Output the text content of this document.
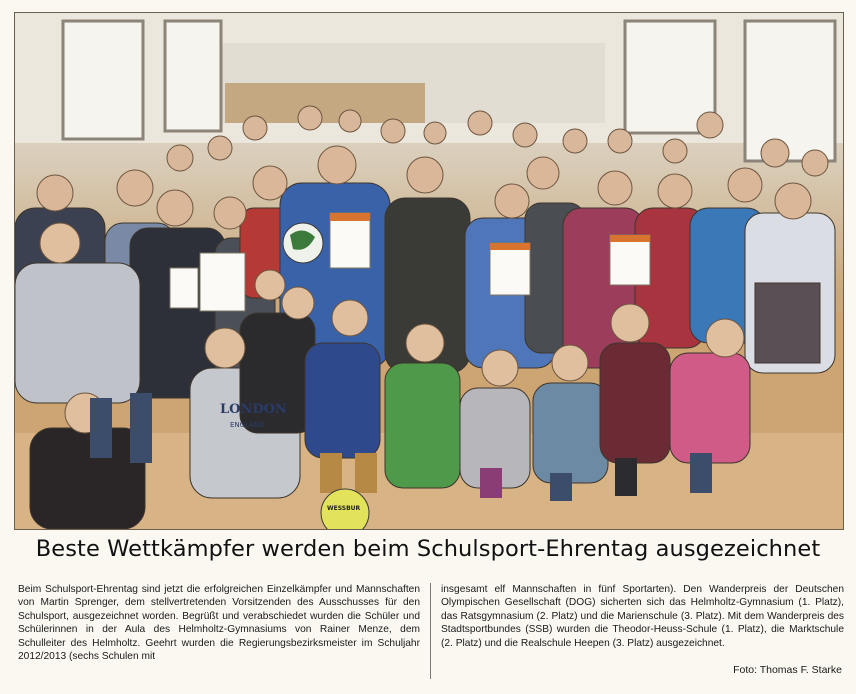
LONDON
ENGLAND
WESSBUR
Beste Wettkämpfer werden beim Schulsport-Ehrentag ausgezeichnet
Beim Schulsport-Ehrentag sind jetzt die erfolgreichen Einzelkämpfer und Mannschaften von Martin Sprenger, dem stellvertretenden Vorsitzenden des Ausschusses für den Schulsport, ausgezeichnet worden. Begrüßt und verabschiedet wurden die Schüler und Schülerinnen in der Aula des Helmholtz-Gymnasiums von Rainer Menze, dem Schulleiter des Helmholtz. Geehrt wurden die Regierungsbezirksmeister im Schuljahr 2012/2013 (sechs Schulen mit
insgesamt elf Mannschaften in fünf Sportarten). Den Wanderpreis der Deutschen Olympischen Gesellschaft (DOG) sicherten sich das Helmholtz-Gymnasium (1. Platz), das Ratsgymnasium (2. Platz) und die Marienschule (3. Platz). Mit dem Wanderpreis des Stadtsportbundes (SSB) wurden die Theodor-Heuss-Schule (1. Platz), die Marktschule (2. Platz) und die Realschule Heepen (3. Platz) ausgezeichnet.
Foto: Thomas F. Starke
